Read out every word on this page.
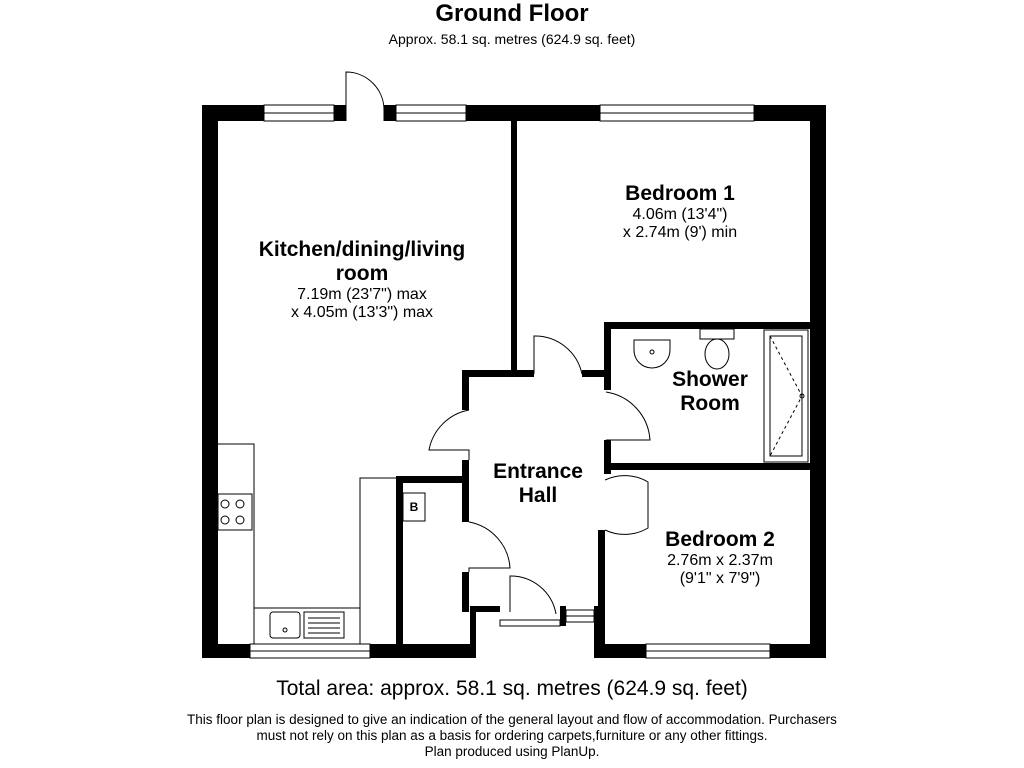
Ground Floor
Approx. 58.1 sq. metres (624.9 sq. feet)
Kitchen/dining/living
room
7.19m (23'7") max
x 4.05m (13'3") max
Bedroom 1
4.06m (13'4")
x 2.74m (9') min
Shower
Room
Entrance
Hall
Bedroom 2
2.76m x 2.37m
(9'1" x 7'9")
B
Total area: approx. 58.1 sq. metres (624.9 sq. feet)
This floor plan is designed to give an indication of the general layout and flow of accommodation. Purchasers
must not rely on this plan as a basis for ordering carpets,furniture or any other fittings.
Plan produced using PlanUp.
